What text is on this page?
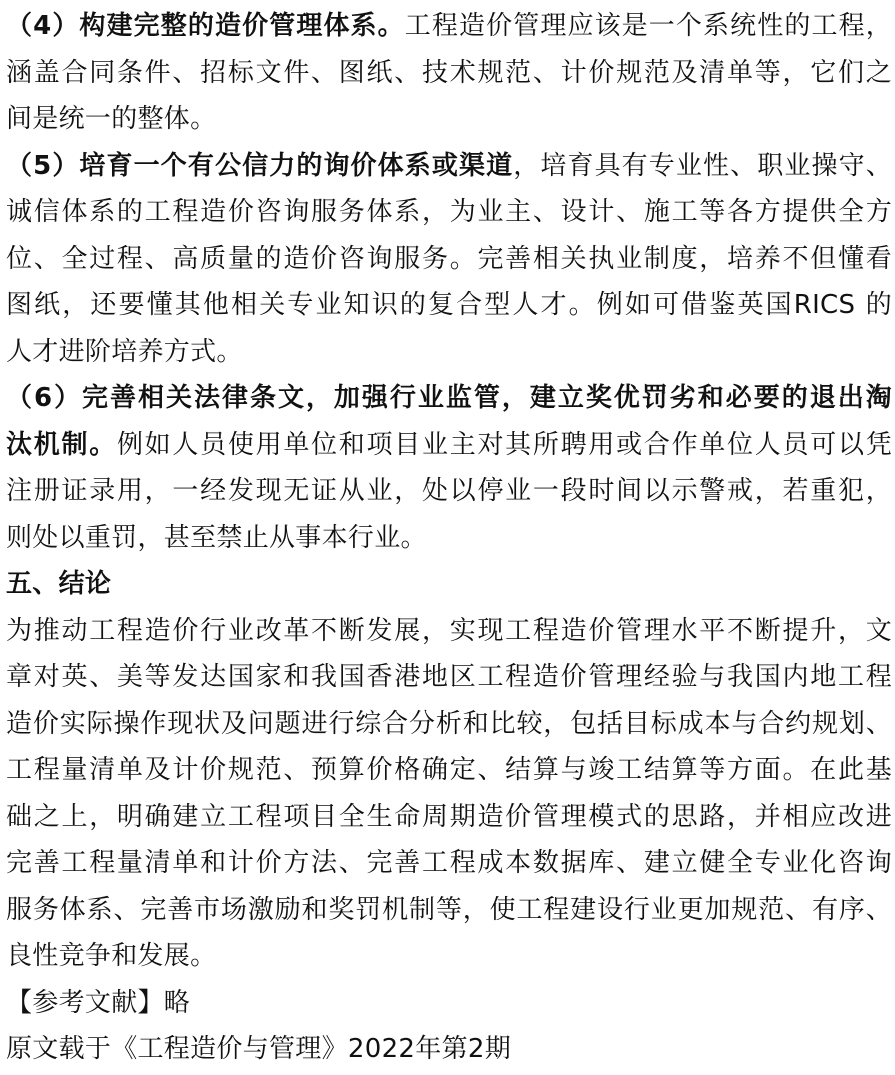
（4）构建完整的造价管理体系。工程造价管理应该是一个系统性的工程，
涵盖合同条件、招标文件、图纸、技术规范、计价规范及清单等，它们之
间是统一的整体。
（5）培育一个有公信力的询价体系或渠道，培育具有专业性、职业操守、
诚信体系的工程造价咨询服务体系，为业主、设计、施工等各方提供全方
位、全过程、高质量的造价咨询服务。完善相关执业制度，培养不但懂看
图纸，还要懂其他相关专业知识的复合型人才。例如可借鉴英国RICS 的
人才进阶培养方式。
（6）完善相关法律条文，加强行业监管，建立奖优罚劣和必要的退出淘
汰机制。例如人员使用单位和项目业主对其所聘用或合作单位人员可以凭
注册证录用，一经发现无证从业，处以停业一段时间以示警戒，若重犯，
则处以重罚，甚至禁止从事本行业。
五、结论
为推动工程造价行业改革不断发展，实现工程造价管理水平不断提升，文
章对英、美等发达国家和我国香港地区工程造价管理经验与我国内地工程
造价实际操作现状及问题进行综合分析和比较，包括目标成本与合约规划、
工程量清单及计价规范、预算价格确定、结算与竣工结算等方面。在此基
础之上，明确建立工程项目全生命周期造价管理模式的思路，并相应改进
完善工程量清单和计价方法、完善工程成本数据库、建立健全专业化咨询
服务体系、完善市场激励和奖罚机制等，使工程建设行业更加规范、有序、
良性竞争和发展。
【参考文献】略
原文载于《工程造价与管理》2022年第2期
